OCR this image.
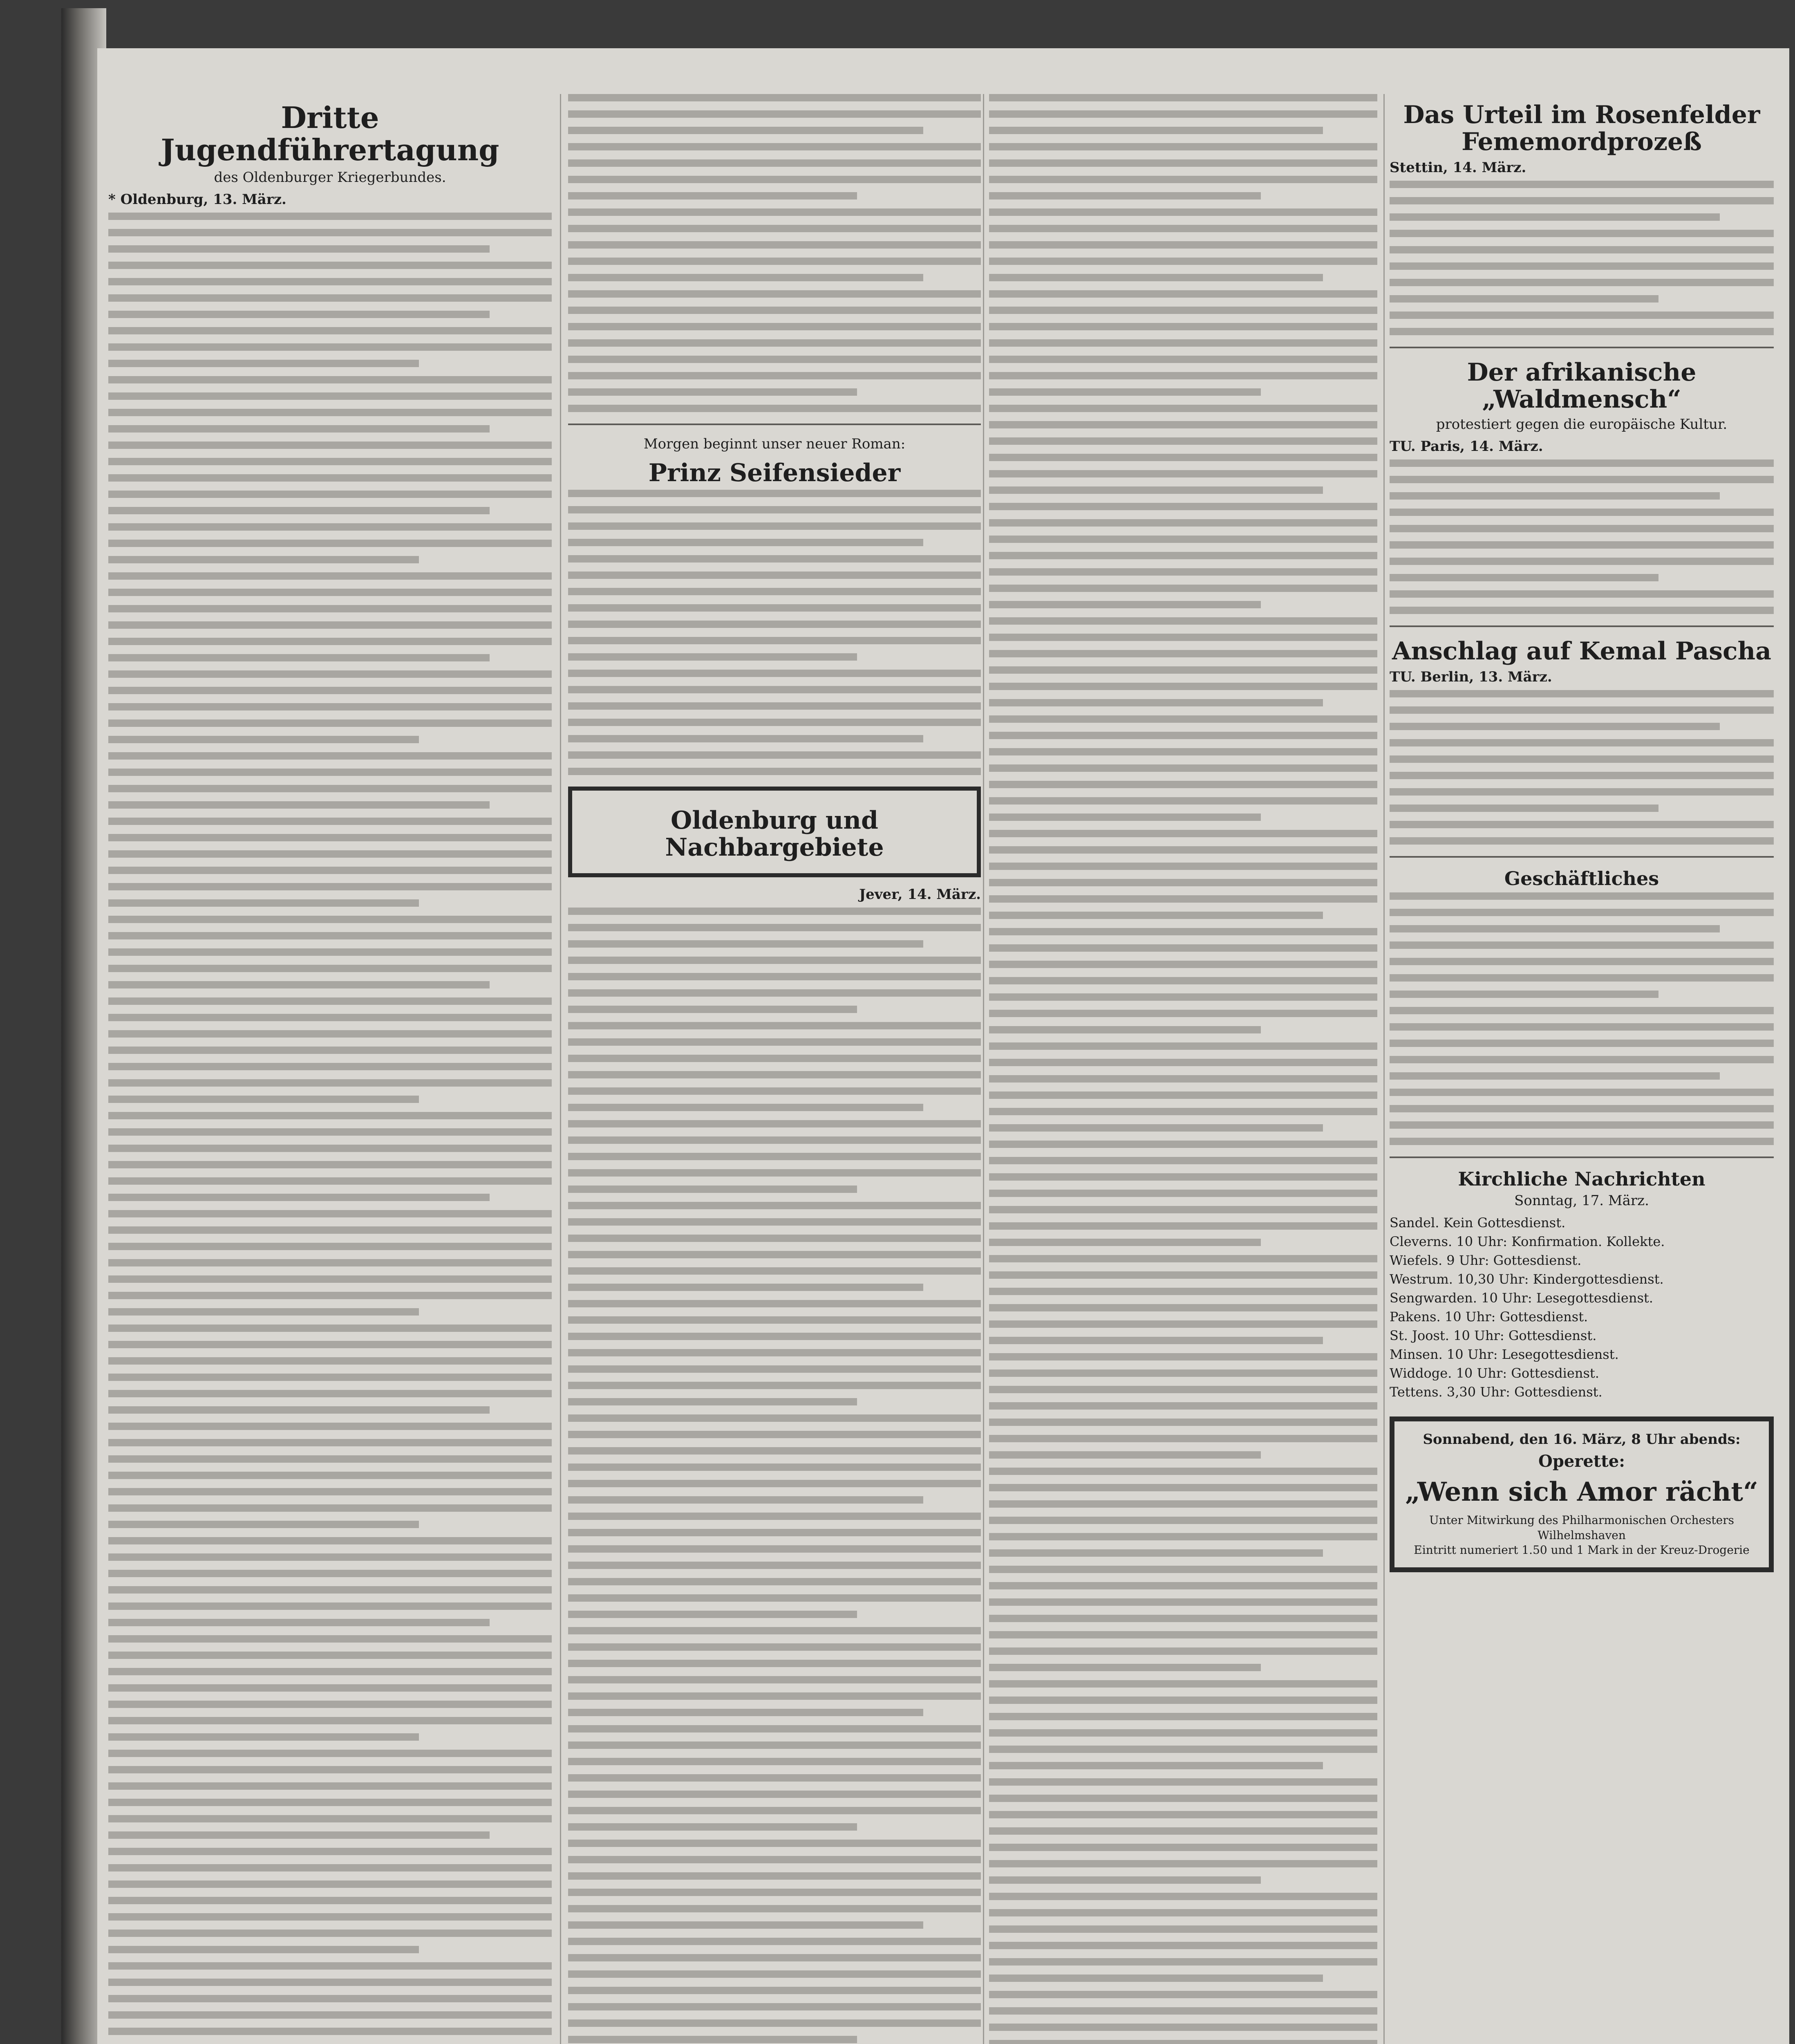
Dritte Jugendführertagung
des Oldenburger Kriegerbundes.
* Oldenburg, 13. März.
Morgen beginnt unser neuer Roman:
Prinz Seifensieder
Oldenburg und Nachbargebiete
Jever, 14. März.
Das Urteil im Rosenfelder Fememordprozeß
Stettin, 14. März.
Der afrikanische „Waldmensch“
protestiert gegen die europäische Kultur.
TU. Paris, 14. März.
Anschlag auf Kemal Pascha
TU. Berlin, 13. März.
Geschäftliches
Kirchliche Nachrichten
Sonntag, 17. März.
Sandel. Kein Gottesdienst.
Cleverns. 10 Uhr: Konfirmation. Kollekte.
Wiefels. 9 Uhr: Gottesdienst.
Westrum. 10,30 Uhr: Kindergottesdienst.
Sengwarden. 10 Uhr: Lesegottesdienst.
Pakens. 10 Uhr: Gottesdienst.
St. Joost. 10 Uhr: Gottesdienst.
Minsen. 10 Uhr: Lesegottesdienst.
Widdoge. 10 Uhr: Gottesdienst.
Tettens. 3,30 Uhr: Gottesdienst.
Sonnabend, den 16. März, 8 Uhr abends:
Operette:
„Wenn sich Amor rächt“
Unter Mitwirkung des Philharmonischen Orchesters Wilhelmshaven
Eintritt numeriert 1.50 und 1 Mark in der Kreuz-Drogerie
